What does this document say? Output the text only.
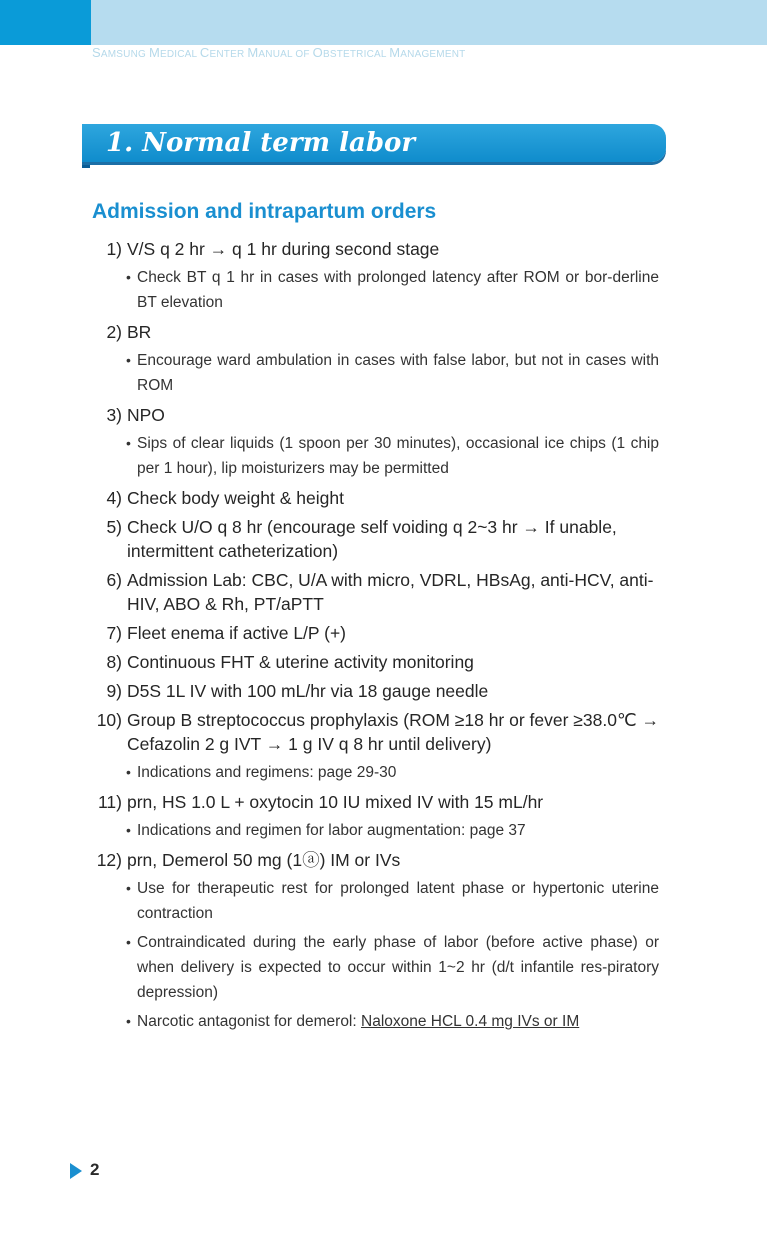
SAMSUNG MEDICAL CENTER MANUAL OF OBSTETRICAL MANAGEMENT
1. Normal term labor
Admission and intrapartum orders
1) V/S q 2 hr → q 1 hr during second stage
• Check BT q 1 hr in cases with prolonged latency after ROM or bor-derline BT elevation
2) BR
• Encourage ward ambulation in cases with false labor, but not in cases with ROM
3) NPO
• Sips of clear liquids (1 spoon per 30 minutes), occasional ice chips (1 chip per 1 hour), lip moisturizers may be permitted
4) Check body weight & height
5) Check U/O q 8 hr (encourage self voiding q 2~3 hr → If unable, intermittent catheterization)
6) Admission Lab: CBC, U/A with micro, VDRL, HBsAg, anti-HCV, anti-HIV, ABO & Rh, PT/aPTT
7) Fleet enema if active L/P (+)
8) Continuous FHT & uterine activity monitoring
9) D5S 1L IV with 100 mL/hr via 18 gauge needle
10) Group B streptococcus prophylaxis (ROM ≥18 hr or fever ≥38.0℃ → Cefazolin 2 g IVT → 1 g IV q 8 hr until delivery)
• Indications and regimens: page 29-30
11) prn, HS 1.0 L + oxytocin 10 IU mixed IV with 15 mL/hr
• Indications and regimen for labor augmentation: page 37
12) prn, Demerol 50 mg (1ⓐ) IM or IVs
• Use for therapeutic rest for prolonged latent phase or hypertonic uterine contraction
• Contraindicated during the early phase of labor (before active phase) or when delivery is expected to occur within 1~2 hr (d/t infantile res-piratory depression)
• Narcotic antagonist for demerol: Naloxone HCL 0.4 mg IVs or IM
2
